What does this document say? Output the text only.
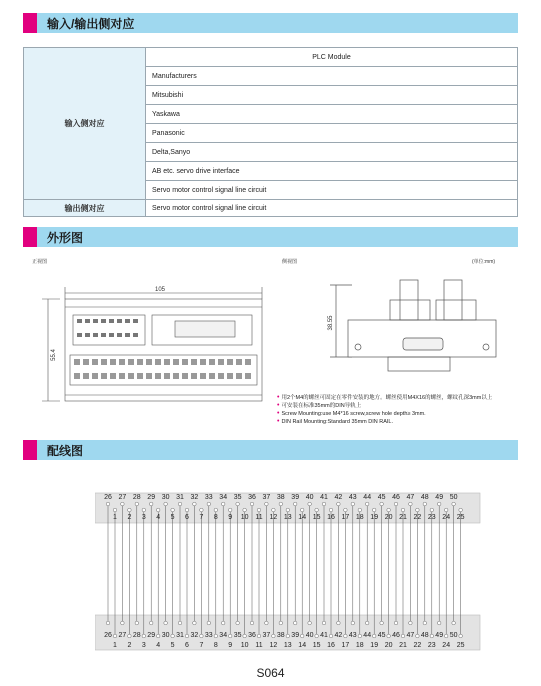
输入/输出侧对应
输入侧对应	PLC Module
	Manufacturers
	Mitsubishi
	Yaskawa
	Panasonic
	Delta,Sanyo
	AB etc. servo drive interface
	Servo motor control signal line circuit
输出侧对应	Servo motor control signal line circuit
外形图
正视图	侧视图	(单位:mm)
105
55.4
38.55
• 用2个M4的螺丝可固定在零件安装的地方。螺丝使用M4X16的螺丝，螺纹孔深3mm以上
• 可安装在标准35mm的DIN导轨上
• Screw Mounting:use M4*16 screw,screw hole depth≥ 3mm.
• DIN Rail Mounting:Standard 35mm DIN RAIL.
配线图
26
26
27
27
28
28
29
29
30
30
31
31
32
32
33
33
34
34
35
35
36
36
37
37
38
38
39
39
40
40
41
41
42
42
43
43
44
44
45
45
46
46
47
47
48
48
49
49
50
50
1
1
2
2
3
3
4
4
5
5
6
6
7
7
8
8
9
9
10
10
11
11
12
12
13
13
14
14
15
15
16
16
17
17
18
18
19
19
20
20
21
21
22
22
23
23
24
24
25
25
S064
